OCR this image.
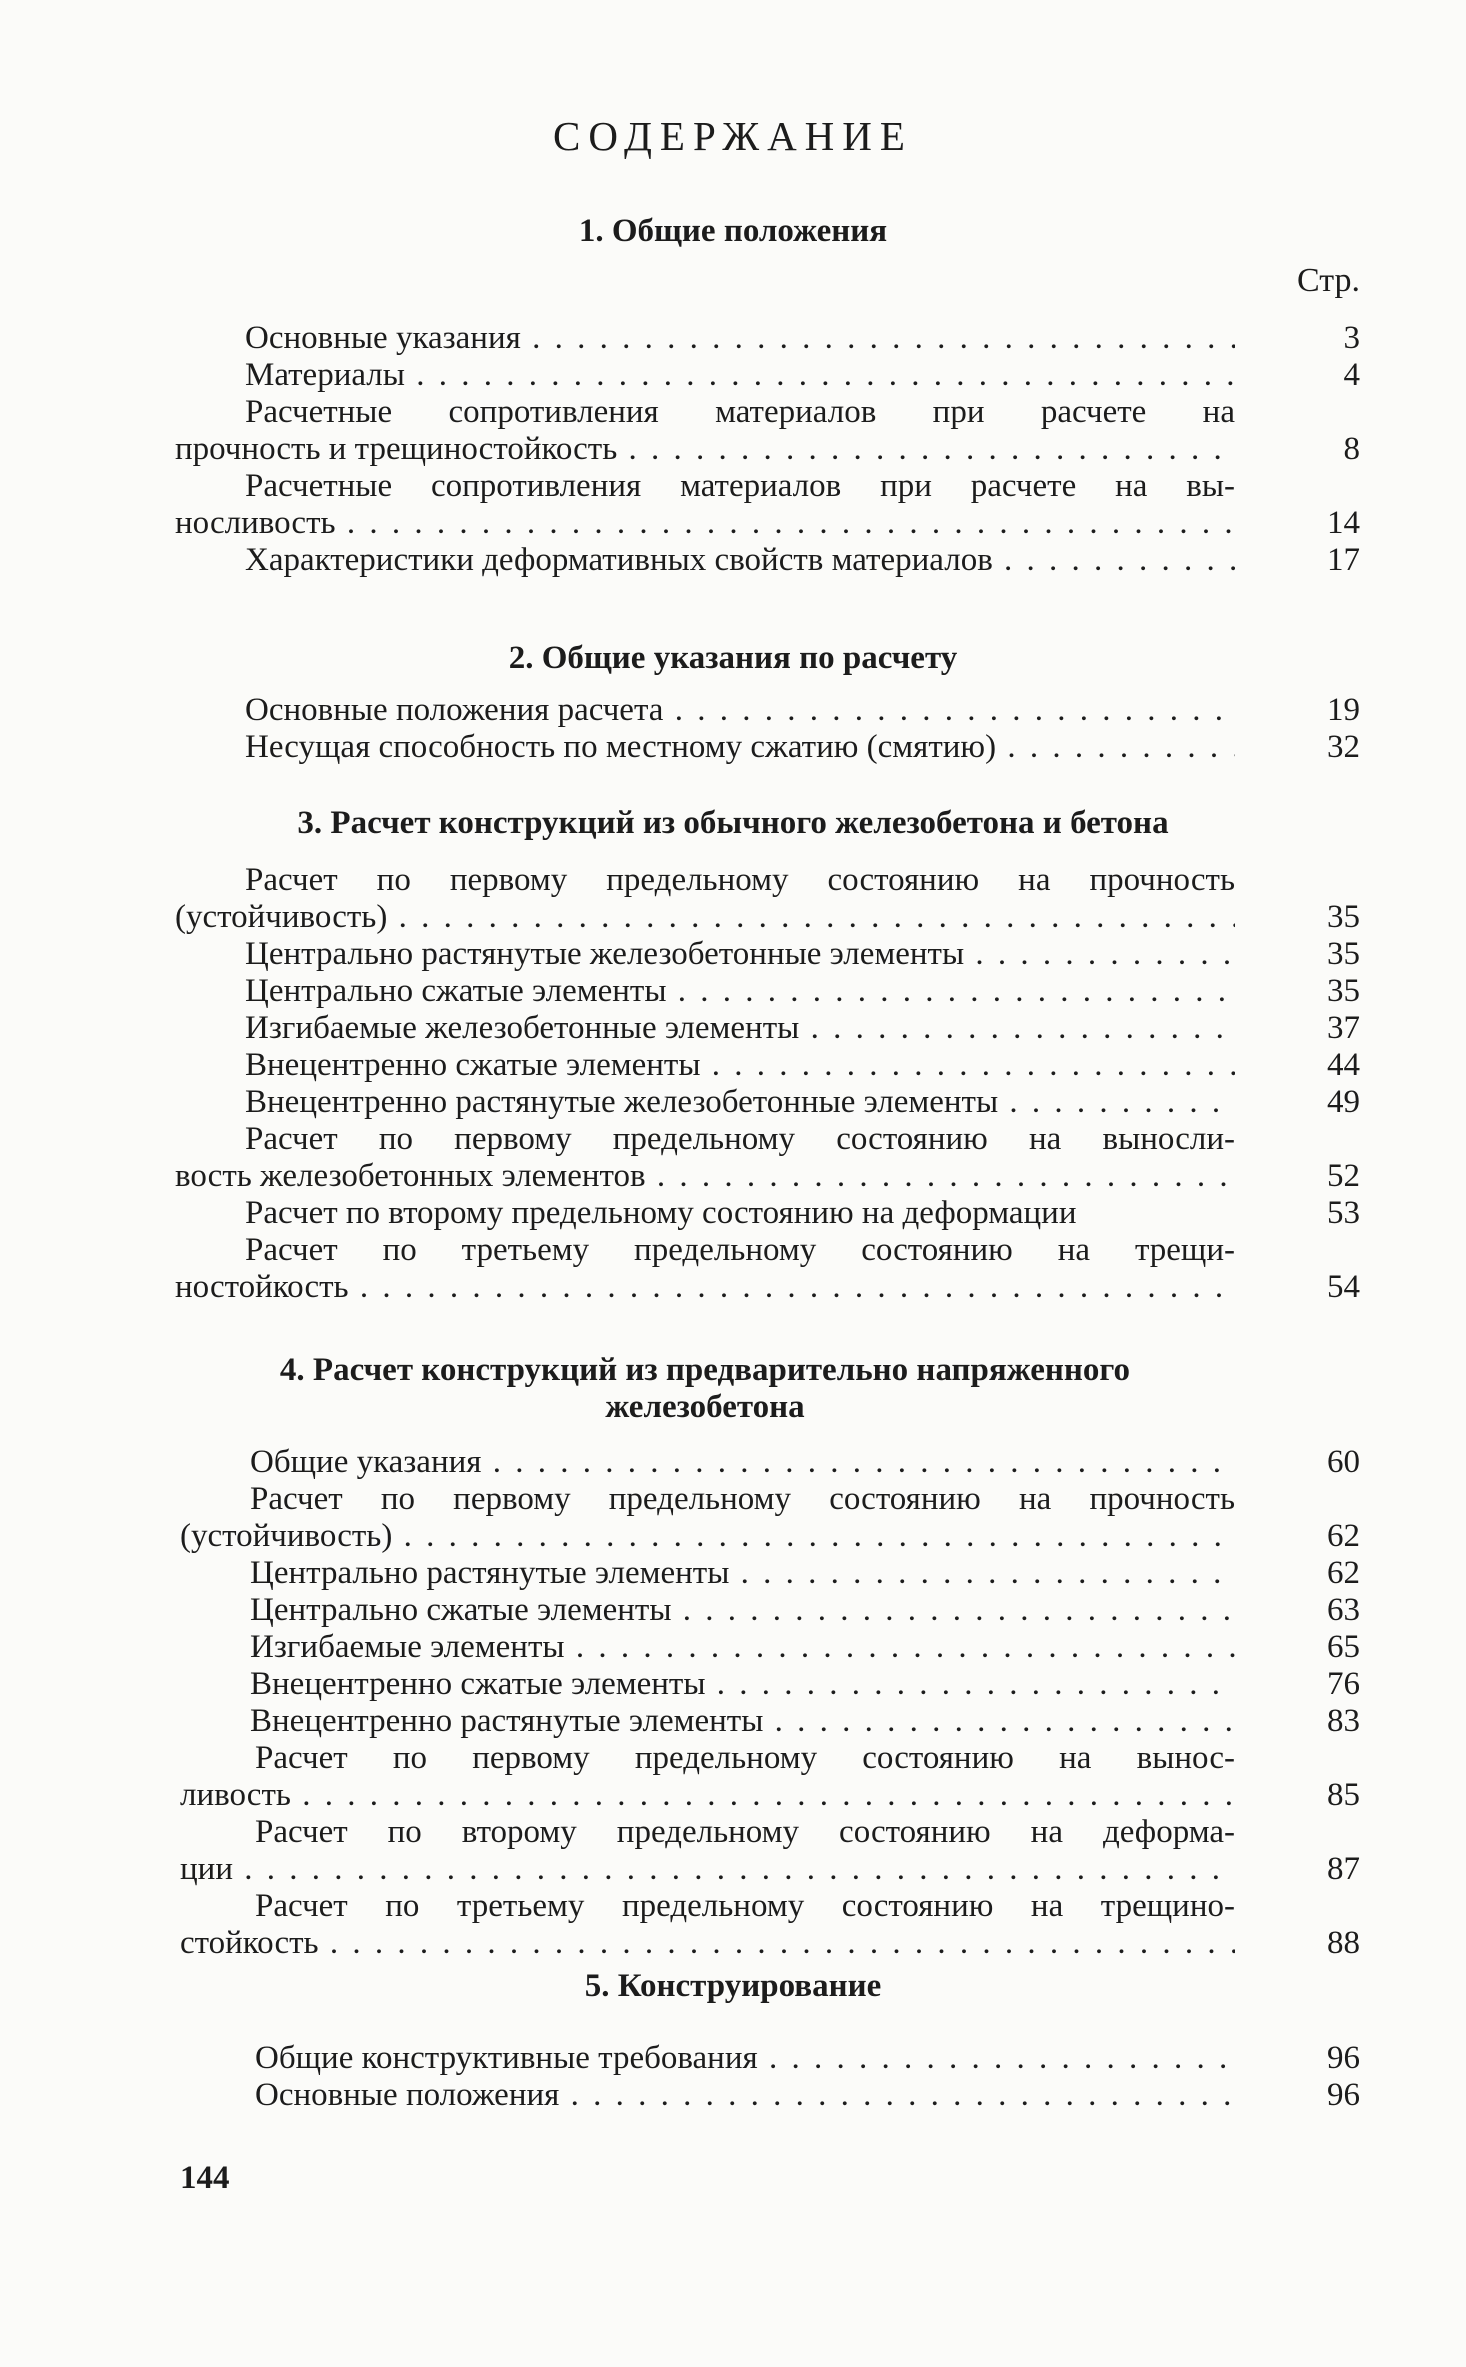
СОДЕРЖАНИЕ
1. Общие положения
Стр.
Основные указания . . .	3
Материалы . . .	4
Расчетные сопротивления материалов при расчете на
прочность и трещиностойкость . . .	8
Расчетные сопротивления материалов при расчете на вы-
носливость . . .	14
Характеристики деформативных свойств материалов . . .	17
2. Общие указания по расчету
Основные положения расчета . . .	19
Несущая способность по местному сжатию (смятию) . . .	32
3. Расчет конструкций из обычного железобетона и бетона
Расчет по первому предельному состоянию на прочность
(устойчивость) . . .	35
Центрально растянутые железобетонные элементы . . .	35
Центрально сжатые элементы . . .	35
Изгибаемые железобетонные элементы . . .	37
Внецентренно сжатые элементы . . .	44
Внецентренно растянутые железобетонные элементы . . .	49
Расчет по первому предельному состоянию на выносли-
вость железобетонных элементов . . .	52
Расчет по второму предельному состоянию на деформации	53
Расчет по третьему предельному состоянию на трещи-
ностойкость . . .	54
4. Расчет конструкций из предварительно напряженного
железобетона
Общие указания . . .	60
Расчет по первому предельному состоянию на прочность
(устойчивость) . . .	62
Центрально растянутые элементы . . .	62
Центрально сжатые элементы . . .	63
Изгибаемые элементы . . .	65
Внецентренно сжатые элементы . . .	76
Внецентренно растянутые элементы . . .	83
Расчет по первому предельному состоянию на вынос-
ливость . . .	85
Расчет по второму предельному состоянию на деформа-
ции . . .	87
Расчет по третьему предельному состоянию на трещино-
стойкость . . .	88
5. Конструирование
Общие конструктивные требования . . .	96
Основные положения . . .	96
144
